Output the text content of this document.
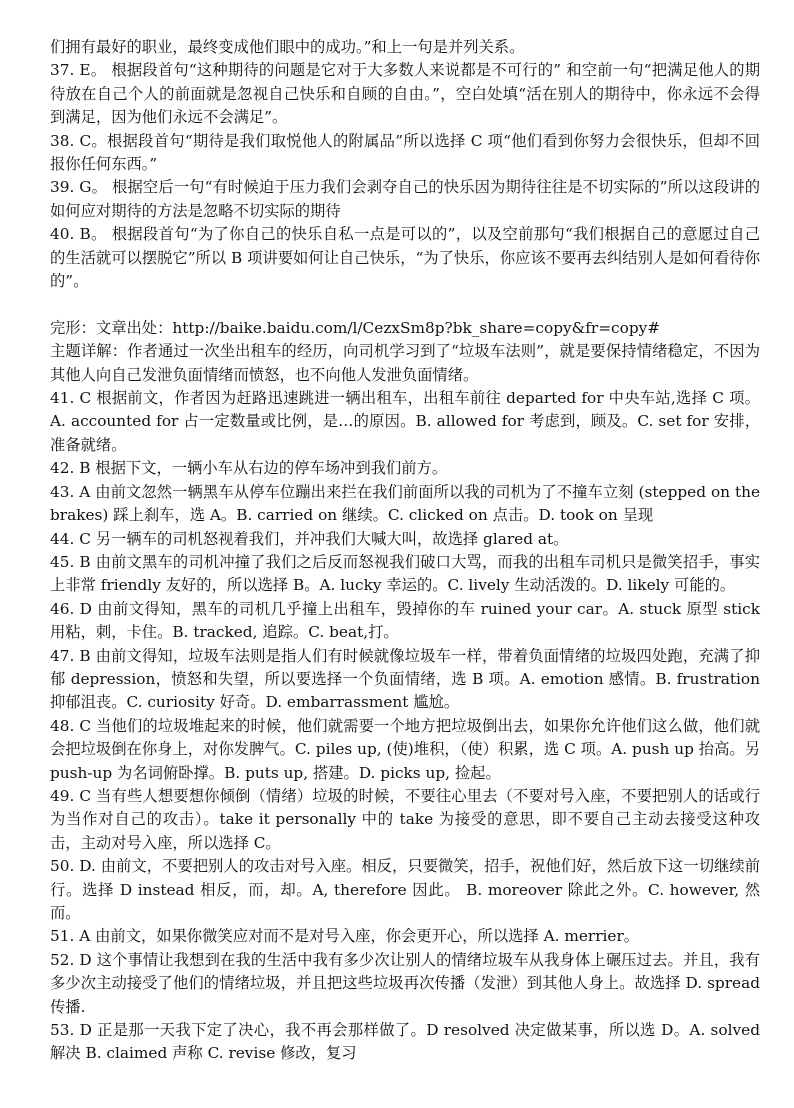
们拥有最好的职业，最终变成他们眼中的成功。”和上一句是并列关系。

37. E。 根据段首句“这种期待的问题是它对于大多数人来说都是不可行的” 和空前一句“把满足他人的期待放在自己个人的前面就是忽视自己快乐和自顾的自由。”，空白处填“活在别人的期待中，你永远不会得到满足，因为他们永远不会满足”。

38. C。根据段首句“期待是我们取悦他人的附属品”所以选择 C 项“他们看到你努力会很快乐，但却不回报你任何东西。”

39. G。 根据空后一句“有时候迫于压力我们会剥夺自己的快乐因为期待往往是不切实际的”所以这段讲的如何应对期待的方法是忽略不切实际的期待

40. B。 根据段首句“为了你自己的快乐自私一点是可以的”，以及空前那句“我们根据自己的意愿过自己的生活就可以摆脱它”所以 B 项讲要如何让自己快乐，“为了快乐，你应该不要再去纠结别人是如何看待你的”。

完形：文章出处：http://baike.baidu.com/l/CezxSm8p?bk_share=copy&fr=copy#

主题详解：作者通过一次坐出租车的经历，向司机学习到了“垃圾车法则”，就是要保持情绪稳定，不因为其他人向自己发泄负面情绪而愤怒，也不向他人发泄负面情绪。

41. C 根据前文，作者因为赶路迅速跳进一辆出租车，出租车前往 departed for 中央车站,选择 C 项。A. accounted for 占一定数量或比例，是…的原因。B. allowed for 考虑到，顾及。C. set for 安排，准备就绪。

42. B 根据下文，一辆小车从右边的停车场冲到我们前方。

43. A 由前文忽然一辆黑车从停车位蹦出来拦在我们前面所以我的司机为了不撞车立刻 (stepped on the brakes) 踩上刹车，选 A。B. carried on 继续。C. clicked on 点击。D. took on 呈现

44. C 另一辆车的司机怒视着我们，并冲我们大喊大叫，故选择 glared at。

45. B 由前文黑车的司机冲撞了我们之后反而怒视我们破口大骂，而我的出租车司机只是微笑招手，事实上非常 friendly 友好的，所以选择 B。A. lucky 幸运的。C. lively 生动活泼的。D. likely 可能的。

46. D 由前文得知，黑车的司机几乎撞上出租车，毁掉你的车 ruined your car。A. stuck 原型 stick 用粘，刺，卡住。B. tracked, 追踪。C. beat,打。

47. B 由前文得知，垃圾车法则是指人们有时候就像垃圾车一样，带着负面情绪的垃圾四处跑，充满了抑郁 depression，愤怒和失望，所以要选择一个负面情绪，选 B 项。A. emotion 感情。B. frustration 抑郁沮丧。C. curiosity 好奇。D. embarrassment 尴尬。

48. C 当他们的垃圾堆起来的时候，他们就需要一个地方把垃圾倒出去，如果你允许他们这么做，他们就会把垃圾倒在你身上，对你发脾气。C. piles up, (使)堆积，（使）积累，选 C 项。A. push up 抬高。另 push-up 为名词俯卧撑。B. puts up, 搭建。D. picks up, 捡起。

49. C 当有些人想要想你倾倒（情绪）垃圾的时候，不要往心里去（不要对号入座，不要把别人的话或行为当作对自己的攻击）。take it personally 中的 take 为接受的意思，即不要自己主动去接受这种攻击，主动对号入座，所以选择 C。

50. D. 由前文，不要把别人的攻击对号入座。相反，只要微笑，招手，祝他们好，然后放下这一切继续前行。选择 D instead 相反，而，却。A, therefore 因此。 B. moreover 除此之外。C. however, 然而。

51. A 由前文，如果你微笑应对而不是对号入座，你会更开心，所以选择 A. merrier。

52. D 这个事情让我想到在我的生活中我有多少次让别人的情绪垃圾车从我身体上碾压过去。并且，我有多少次主动接受了他们的情绪垃圾，并且把这些垃圾再次传播（发泄）到其他人身上。故选择 D. spread 传播.

53. D 正是那一天我下定了决心，我不再会那样做了。D resolved 决定做某事，所以选 D。A. solved 解决 B. claimed 声称 C. revise 修改，复习
